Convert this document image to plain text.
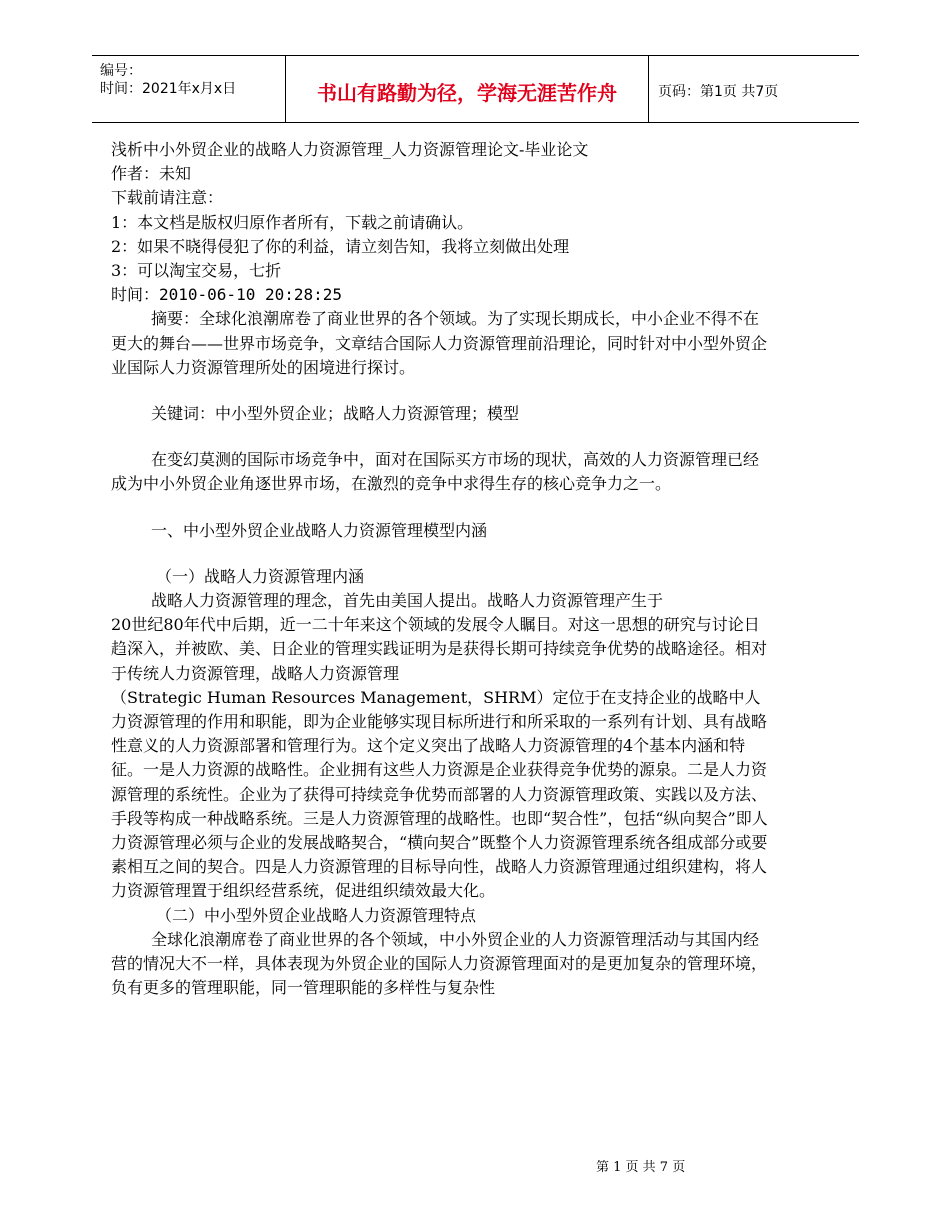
编号：
时间：2021年x月x日	书山有路勤为径，学海无涯苦作舟	页码：第1页 共7页

浅析中小外贸企业的战略人力资源管理_人力资源管理论文-毕业论文

作者：未知

下载前请注意：

1：本文档是版权归原作者所有，下载之前请确认。

2：如果不晓得侵犯了你的利益，请立刻告知，我将立刻做出处理

3：可以淘宝交易，七折

时间：2010-06-10 20:28:25

摘要：全球化浪潮席卷了商业世界的各个领域。为了实现长期成长，中小企业不得不在更大的舞台——世界市场竞争，文章结合国际人力资源管理前沿理论，同时针对中小型外贸企业国际人力资源管理所处的困境进行探讨。

关键词：中小型外贸企业；战略人力资源管理；模型

在变幻莫测的国际市场竞争中，面对在国际买方市场的现状，高效的人力资源管理已经成为中小外贸企业角逐世界市场，在激烈的竞争中求得生存的核心竞争力之一。

一、中小型外贸企业战略人力资源管理模型内涵

（一）战略人力资源管理内涵

战略人力资源管理的理念，首先由美国人提出。战略人力资源管理产生于

20世纪80年代中后期，近一二十年来这个领域的发展令人瞩目。对这一思想的研究与讨论日趋深入，并被欧、美、日企业的管理实践证明为是获得长期可持续竞争优势的战略途径。相对于传统人力资源管理，战略人力资源管理

（Strategic Human Resources Management，SHRM）定位于在支持企业的战略中人力资源管理的作用和职能，即为企业能够实现目标所进行和所采取的一系列有计划、具有战略性意义的人力资源部署和管理行为。这个定义突出了战略人力资源管理的4个基本内涵和特征。一是人力资源的战略性。企业拥有这些人力资源是企业获得竞争优势的源泉。二是人力资源管理的系统性。企业为了获得可持续竞争优势而部署的人力资源管理政策、实践以及方法、手段等构成一种战略系统。三是人力资源管理的战略性。也即“契合性”，包括“纵向契合”即人力资源管理必须与企业的发展战略契合，“横向契合”既整个人力资源管理系统各组成部分或要素相互之间的契合。四是人力资源管理的目标导向性，战略人力资源管理通过组织建构，将人力资源管理置于组织经营系统，促进组织绩效最大化。

（二）中小型外贸企业战略人力资源管理特点

全球化浪潮席卷了商业世界的各个领域，中小外贸企业的人力资源管理活动与其国内经营的情况大不一样，具体表现为外贸企业的国际人力资源管理面对的是更加复杂的管理环境，负有更多的管理职能，同一管理职能的多样性与复杂性

第 1 页 共 7 页
